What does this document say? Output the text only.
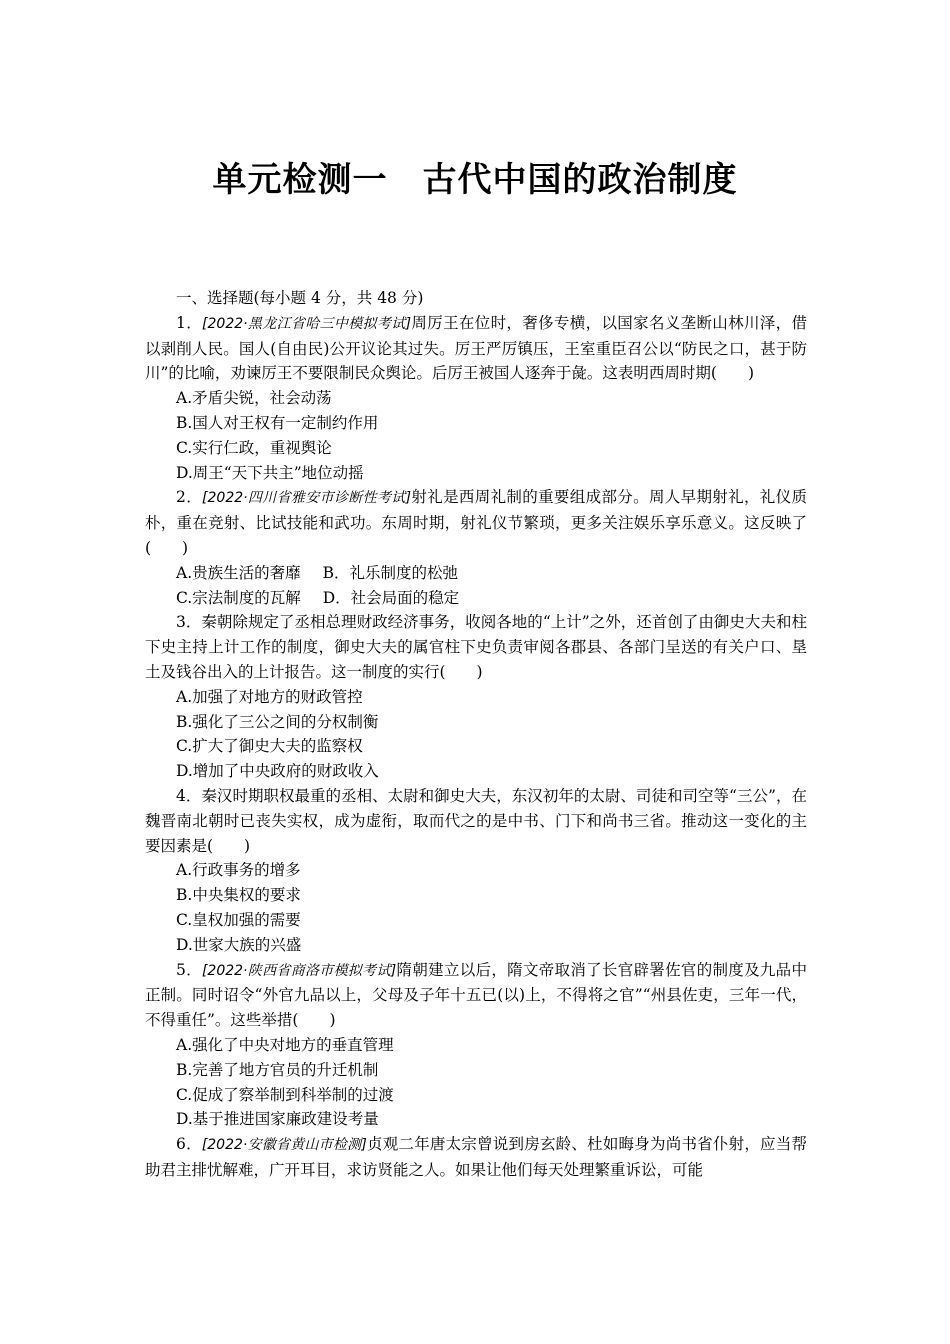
单元检测一　古代中国的政治制度

一、选择题(每小题 4 分，共 48 分)

1．[2022·黑龙江省哈三中模拟考试]周厉王在位时，奢侈专横，以国家名义垄断山林川泽，借以剥削人民。国人(自由民)公开议论其过失。厉王严厉镇压，王室重臣召公以“防民之口，甚于防川”的比喻，劝谏厉王不要限制民众舆论。后厉王被国人逐奔于彘。这表明西周时期(　　)

A.矛盾尖锐，社会动荡

B.国人对王权有一定制约作用

C.实行仁政，重视舆论

D.周王“天下共主”地位动摇

2．[2022·四川省雅安市诊断性考试]射礼是西周礼制的重要组成部分。周人早期射礼，礼仪质朴，重在竞射、比试技能和武功。东周时期，射礼仪节繁琐，更多关注娱乐享乐意义。这反映了(　　)

A.贵族生活的奢靡 B．礼乐制度的松弛

C.宗法制度的瓦解 D．社会局面的稳定

3．秦朝除规定了丞相总理财政经济事务，收阅各地的“上计”之外，还首创了由御史大夫和柱下史主持上计工作的制度，御史大夫的属官柱下史负责审阅各郡县、各部门呈送的有关户口、垦土及钱谷出入的上计报告。这一制度的实行(　　)

A.加强了对地方的财政管控

B.强化了三公之间的分权制衡

C.扩大了御史大夫的监察权

D.增加了中央政府的财政收入

4．秦汉时期职权最重的丞相、太尉和御史大夫，东汉初年的太尉、司徒和司空等“三公”，在魏晋南北朝时已丧失实权，成为虚衔，取而代之的是中书、门下和尚书三省。推动这一变化的主要因素是(　　)

A.行政事务的增多

B.中央集权的要求

C.皇权加强的需要

D.世家大族的兴盛

5．[2022·陕西省商洛市模拟考试]隋朝建立以后，隋文帝取消了长官辟署佐官的制度及九品中正制。同时诏令“外官九品以上，父母及子年十五已(以)上，不得将之官”“州县佐吏，三年一代，不得重任”。这些举措(　　)

A.强化了中央对地方的垂直管理

B.完善了地方官员的升迁机制

C.促成了察举制到科举制的过渡

D.基于推进国家廉政建设考量

6．[2022·安徽省黄山市检测]贞观二年唐太宗曾说到房玄龄、杜如晦身为尚书省仆射，应当帮助君主排忧解难，广开耳目，求访贤能之人。如果让他们每天处理繁重诉讼，可能
